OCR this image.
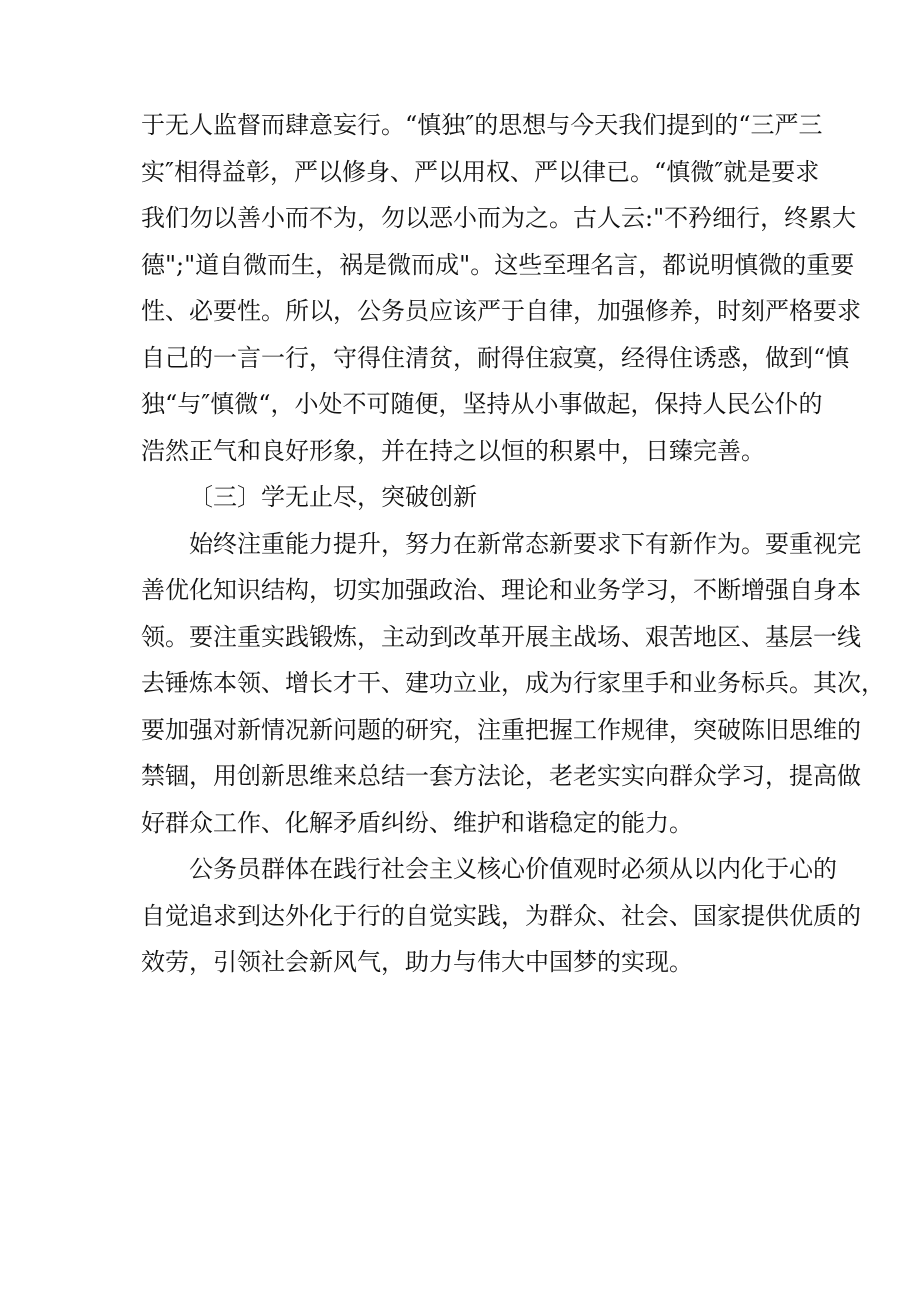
于无人监督而肆意妄行。“慎独″的思想与今天我们提到的“三严三
实″相得益彰，严以修身、严以用权、严以律已。“慎微″就是要求
我们勿以善小而不为，勿以恶小而为之。古人云:"不矜细行，终累大
德";"道自微而生，祸是微而成"。这些至理名言，都说明慎微的重要
性、必要性。所以，公务员应该严于自律，加强修养，时刻严格要求
自己的一言一行，守得住清贫，耐得住寂寞，经得住诱惑，做到“慎
独“与″慎微“，小处不可随便，坚持从小事做起，保持人民公仆的
浩然正气和良好形象，并在持之以恒的积累中，日臻完善。
〔三〕学无止尽，突破创新
始终注重能力提升，努力在新常态新要求下有新作为。要重视完
善优化知识结构，切实加强政治、理论和业务学习，不断增强自身本
领。要注重实践锻炼，主动到改革开展主战场、艰苦地区、基层一线
去锤炼本领、增长才干、建功立业，成为行家里手和业务标兵。其次，
要加强对新情况新问题的研究，注重把握工作规律，突破陈旧思维的
禁锢，用创新思维来总结一套方法论，老老实实向群众学习，提高做
好群众工作、化解矛盾纠纷、维护和谐稳定的能力。
公务员群体在践行社会主义核心价值观时必须从以内化于心的
自觉追求到达外化于行的自觉实践，为群众、社会、国家提供优质的
效劳，引领社会新风气，助力与伟大中国梦的实现。
